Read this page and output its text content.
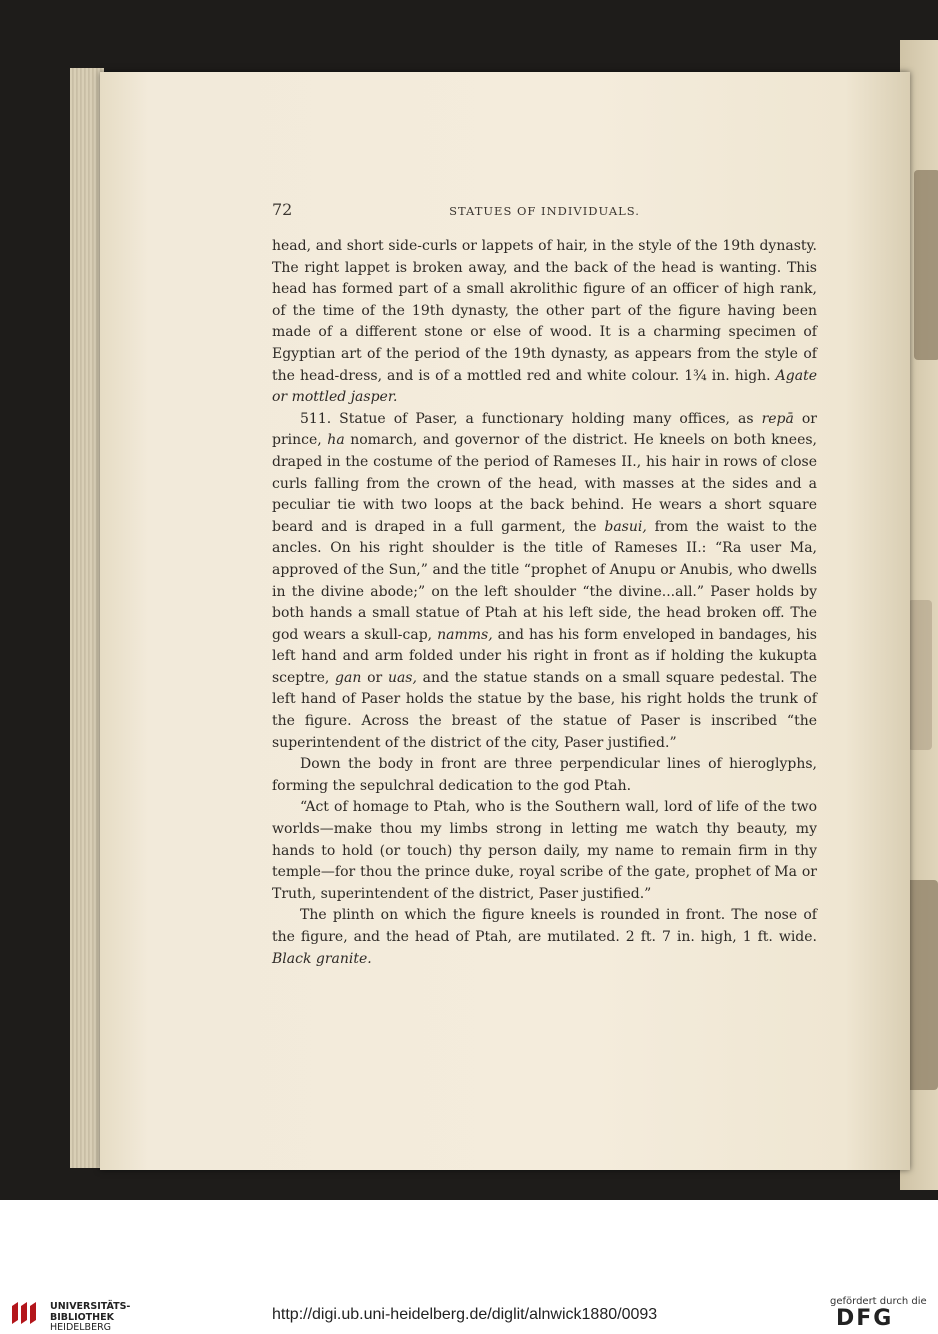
72	STATUES OF INDIVIDUALS.

head, and short side-curls or lappets of hair, in the style of the 19th dynasty. The right lappet is broken away, and the back of the head is wanting. This head has formed part of a small akrolithic figure of an officer of high rank, of the time of the 19th dynasty, the other part of the figure having been made of a different stone or else of wood. It is a charming specimen of Egyptian art of the period of the 19th dynasty, as appears from the style of the head-dress, and is of a mottled red and white colour. 1¾ in. high. Agate or mottled jasper.

511. Statue of Paser, a functionary holding many offices, as repā or prince, ha nomarch, and governor of the district. He kneels on both knees, draped in the costume of the period of Rameses II., his hair in rows of close curls falling from the crown of the head, with masses at the sides and a peculiar tie with two loops at the back behind. He wears a short square beard and is draped in a full garment, the basui, from the waist to the ancles. On his right shoulder is the title of Rameses II.: “Ra user Ma, approved of the Sun,” and the title “prophet of Anupu or Anubis, who dwells in the divine abode;” on the left shoulder “the divine...all.” Paser holds by both hands a small statue of Ptah at his left side, the head broken off. The god wears a skull-cap, namms, and has his form enveloped in bandages, his left hand and arm folded under his right in front as if holding the kukupta sceptre, gan or uas, and the statue stands on a small square pedestal. The left hand of Paser holds the statue by the base, his right holds the trunk of the figure. Across the breast of the statue of Paser is inscribed “the superintendent of the district of the city, Paser justified.”

Down the body in front are three perpendicular lines of hieroglyphs, forming the sepulchral dedication to the god Ptah.

“Act of homage to Ptah, who is the Southern wall, lord of life of the two worlds—make thou my limbs strong in letting me watch thy beauty, my hands to hold (or touch) thy person daily, my name to remain firm in thy temple—for thou the prince duke, royal scribe of the gate, prophet of Ma or Truth, superintendent of the district, Paser justified.”

The plinth on which the figure kneels is rounded in front. The nose of the figure, and the head of Ptah, are mutilated. 2 ft. 7 in. high, 1 ft. wide. Black granite.

UNIVERSITÄTS-
BIBLIOTHEK
HEIDELBERG
http://digi.ub.uni-heidelberg.de/diglit/alnwick1880/0093
gefördert durch die
DFG
